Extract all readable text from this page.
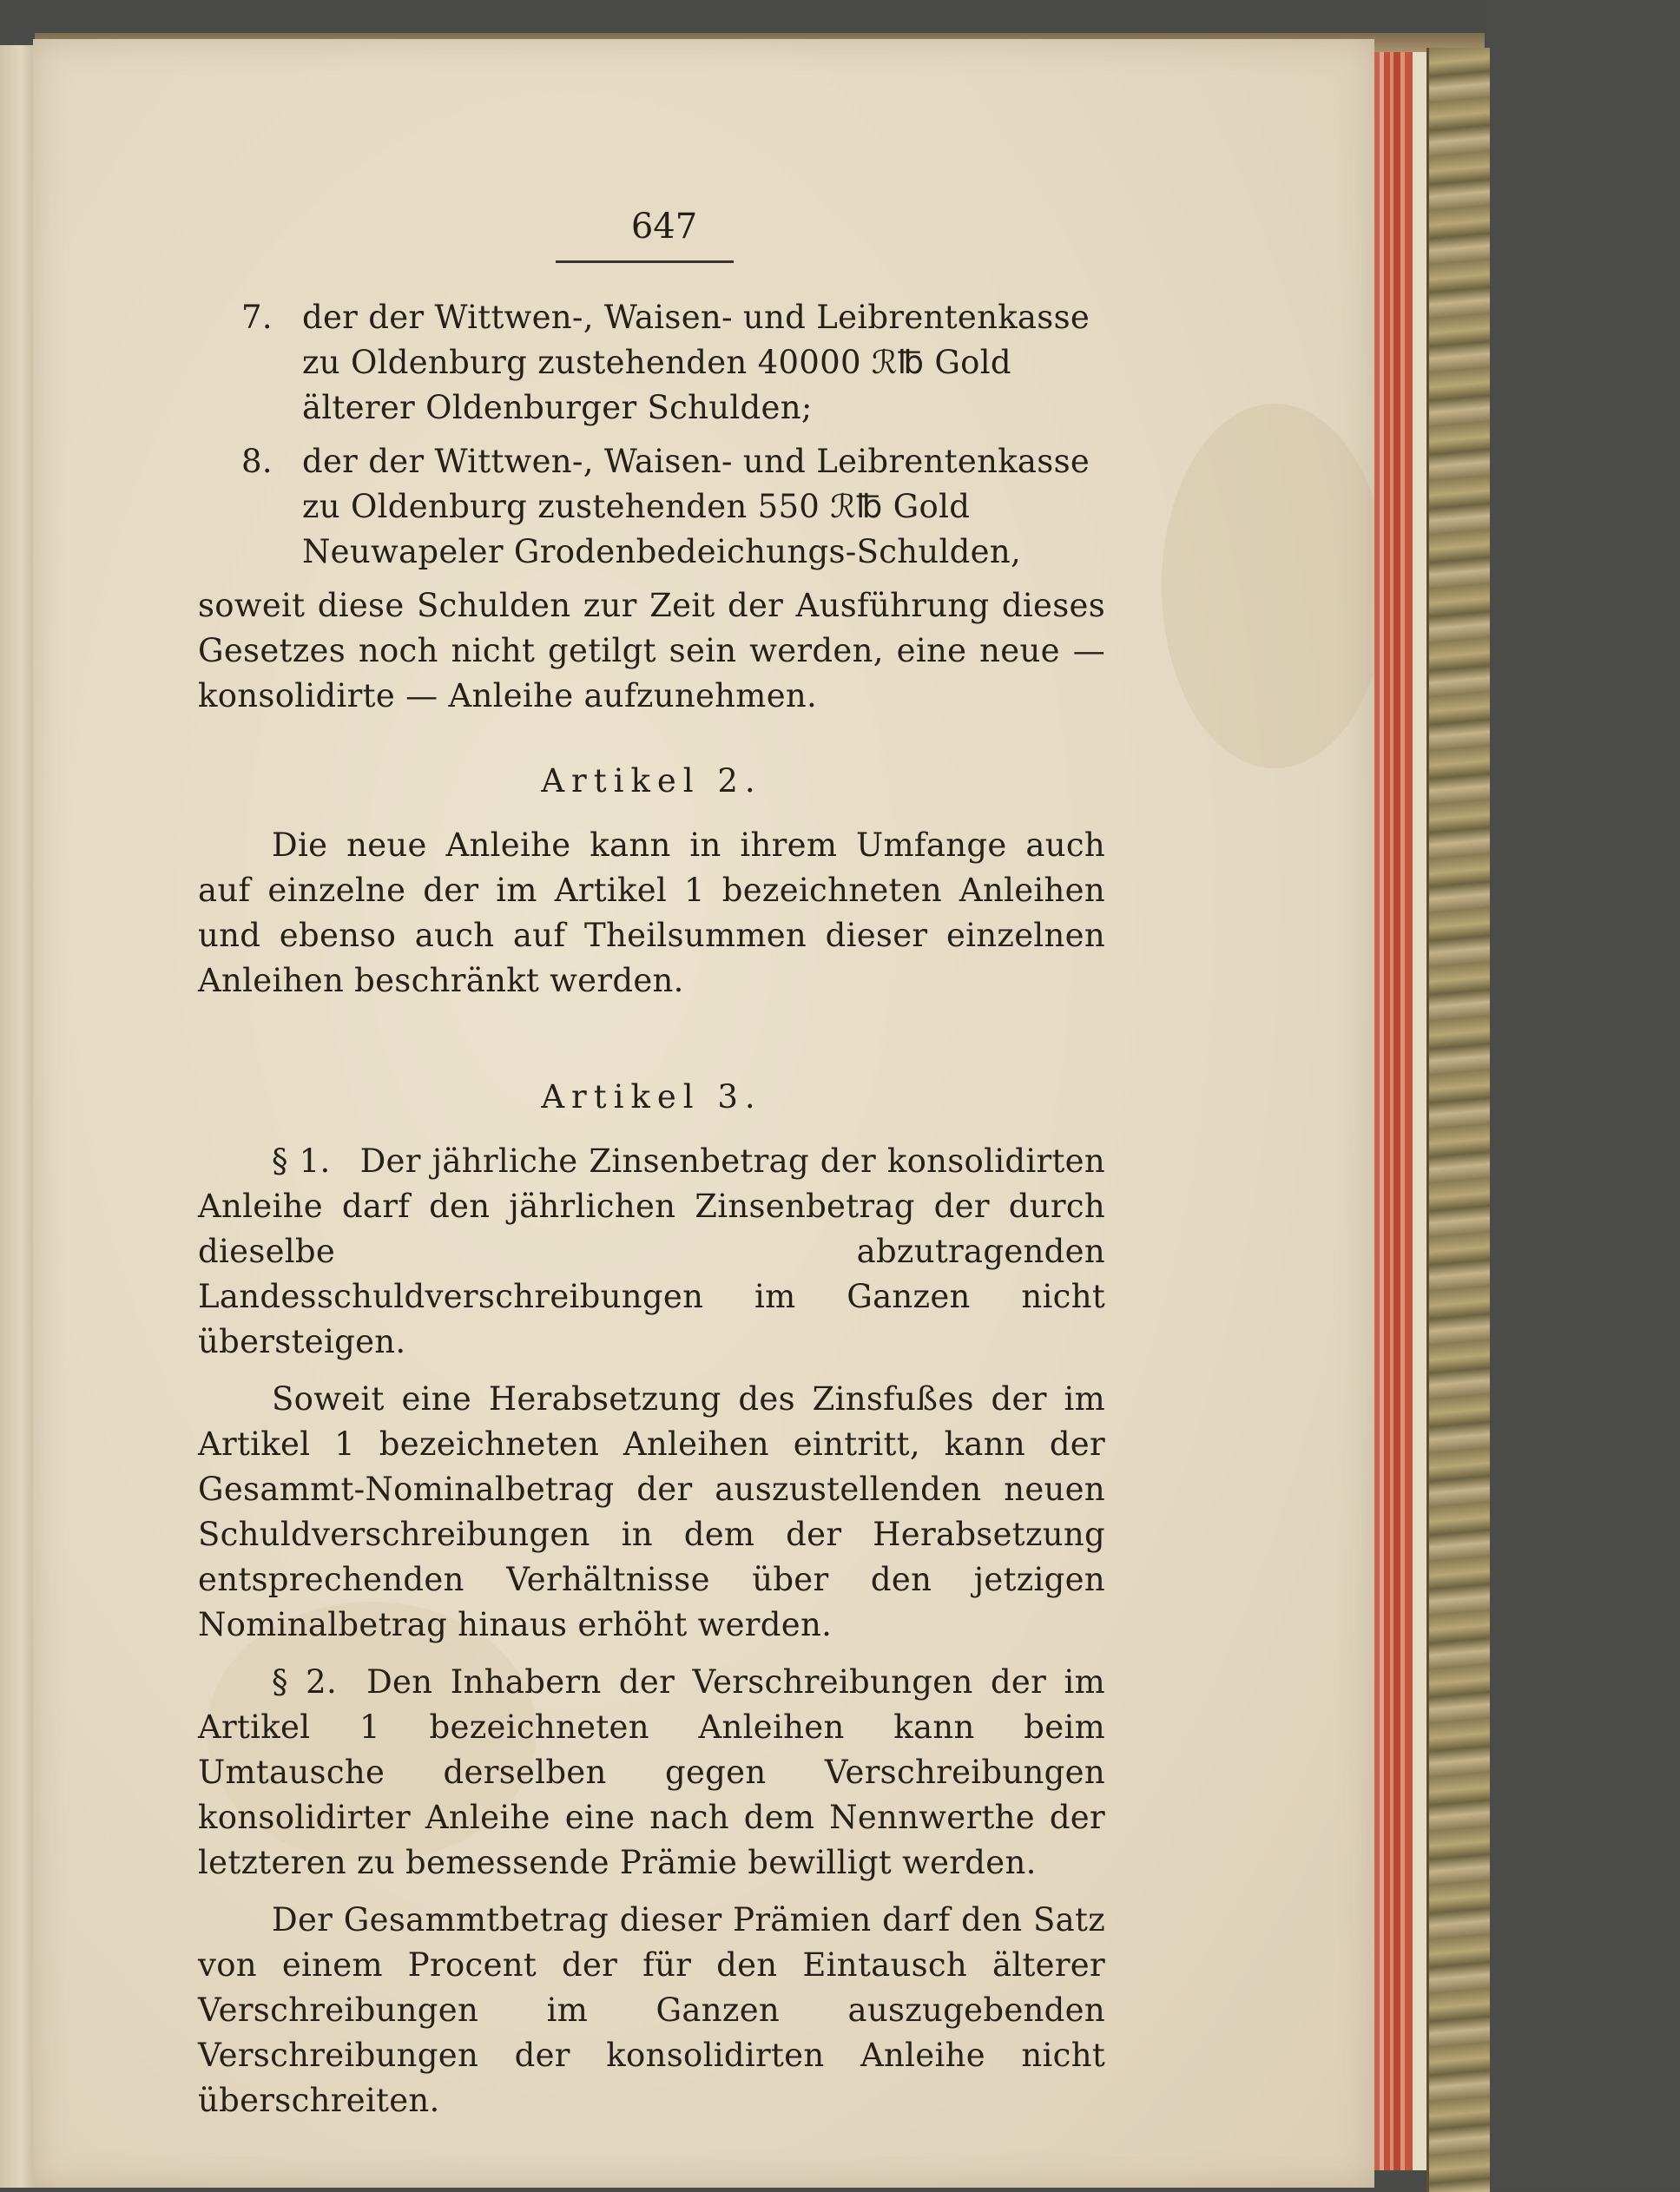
647
7. der der Wittwen-, Waisen- und Leibrentenkasse zu Oldenburg zustehenden 40000 ℛ℔ Gold älterer Oldenburger Schulden;
8. der der Wittwen-, Waisen- und Leibrentenkasse zu Oldenburg zustehenden 550 ℛ℔ Gold Neuwapeler Grodenbedeichungs-Schulden,

soweit diese Schulden zur Zeit der Ausführung dieses Gesetzes noch nicht getilgt sein werden, eine neue — konsolidirte — Anleihe aufzunehmen.

Artikel 2.

Die neue Anleihe kann in ihrem Umfange auch auf einzelne der im Artikel 1 bezeichneten Anleihen und ebenso auch auf Theilsummen dieser einzelnen Anleihen beschränkt werden.

Artikel 3.

§ 1. Der jährliche Zinsenbetrag der konsolidirten Anleihe darf den jährlichen Zinsenbetrag der durch dieselbe abzutragenden Landesschuldverschreibungen im Ganzen nicht übersteigen.

Soweit eine Herabsetzung des Zinsfußes der im Artikel 1 bezeichneten Anleihen eintritt, kann der Gesammt-Nominalbetrag der auszustellenden neuen Schuldverschreibungen in dem der Herabsetzung entsprechenden Verhältnisse über den jetzigen Nominalbetrag hinaus erhöht werden.

§ 2. Den Inhabern der Verschreibungen der im Artikel 1 bezeichneten Anleihen kann beim Umtausche derselben gegen Verschreibungen konsolidirter Anleihe eine nach dem Nennwerthe der letzteren zu bemessende Prämie bewilligt werden.

Der Gesammtbetrag dieser Prämien darf den Satz von einem Procent der für den Eintausch älterer Verschreibungen im Ganzen auszugebenden Verschreibungen der konsolidirten Anleihe nicht überschreiten.
